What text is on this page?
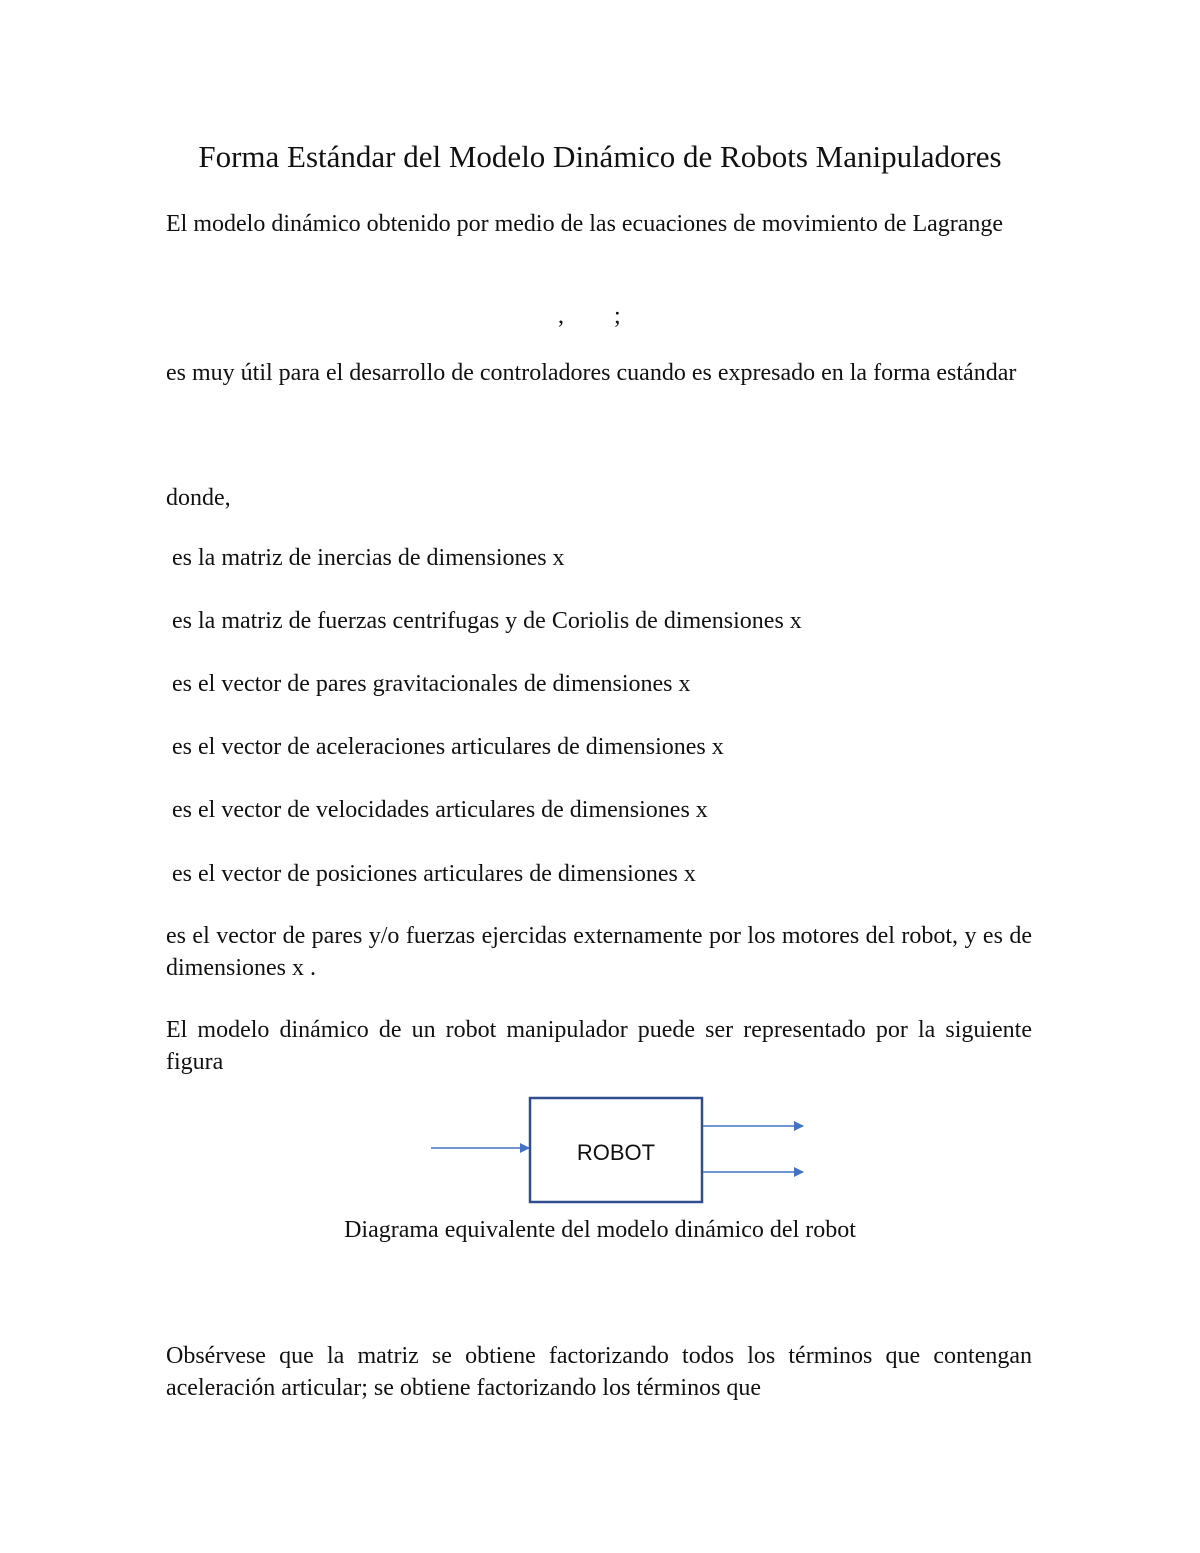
Forma Estándar del Modelo Dinámico de Robots Manipuladores
El modelo dinámico obtenido por medio de las ecuaciones de movimiento de Lagrange
, ;
es muy útil para el desarrollo de controladores cuando es expresado en la forma estándar
donde,
es la matriz de inercias de dimensiones x
es la matriz de fuerzas centrifugas y de Coriolis de dimensiones x
es el vector de pares gravitacionales de dimensiones x
es el vector de aceleraciones articulares de dimensiones x
es el vector de velocidades articulares de dimensiones x
es el vector de posiciones articulares de dimensiones x
es el vector de pares y/o fuerzas ejercidas externamente por los motores del robot, y es de dimensiones x .
El modelo dinámico de un robot manipulador puede ser representado por la siguiente figura
ROBOT
Diagrama equivalente del modelo dinámico del robot
Obsérvese que la matriz se obtiene factorizando todos los términos que contengan aceleración articular; se obtiene factorizando los términos que
